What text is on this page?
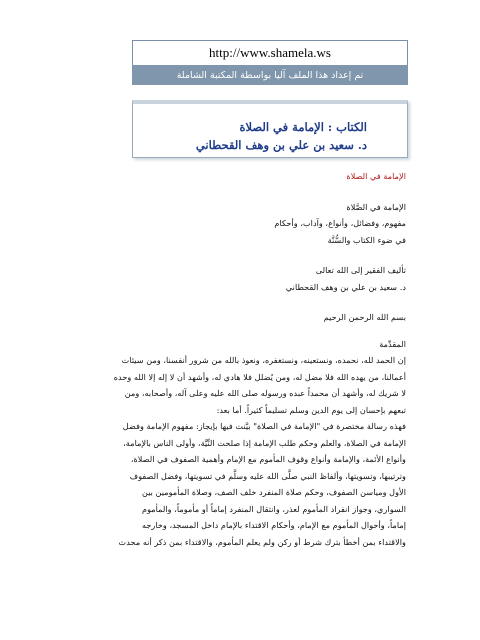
http://www.shamela.ws
تم إعداد هذا الملف آليا بواسطة المكتبة الشاملة
الكتاب : الإمامة في الصلاة
د. سعيد بن علي بن وهف القحطاني
الإمامة في الصلاة
الإمامة في الصَّلاة
مفهوم، وفضائل، وأنواع، وآداب، وأحكام
في ضوء الكتاب والسُّنَّة
تأليف الفقير إلى الله تعالى
د. سعيد بن علي بن وهف القحطاني
بسم الله الرحمن الرحيم
المقدِّمة
إن الحمد لله، نحمده، ونستعينه، ونستغفره، ونعوذ بالله من شرور أنفسنا، ومن سيئات
أعمالنا، من يهده الله فلا مضل له، ومن يُضلل فلا هادي له، وأشهد أن لا إله إلا الله وحده
لا شريك له، وأشهد أن محمداً عبده ورسوله صلى الله عليه وعلى آله، وأصحابه، ومن
تبعهم بإحسان إلى يوم الدين وسلم تسليماً كثيراً. أما بعد:
فهذه رسالة مختصرة في "الإمامة في الصلاة" بيَّنت فيها بإيجاز: مفهوم الإمامة وفضل
الإمامة في الصلاة، والعلم وحكم طلب الإمامة إذا صلحت النِّيَّة، وأولى الناس بالإمامة،
وأنواع الأئمة، والإمامة وأنواع وقوف المأموم مع الإمام وأهمية الصفوف في الصلاة،
وترتيبها، وتسويتها، وألفاظ النبي صلَّى الله عليه وسلَّم في تسويتها، وفضل الصفوف
الأول ومياسن الصفوف، وحكم صلاة المنفرد خلف الصف، وصلاة المأمومين بين
السواري، وجواز انفراد المأموم لعذر، وانتقال المنفرد إماماً أو مأموماً، والمأموم
إماماً، وأحوال المأموم مع الإمام، وأحكام الاقتداء بالإمام داخل المسجد، وخارجه
والاقتداء بمن أخطأ بترك شرط أو ركن ولم يعلم المأموم، والاقتداء بمن ذكر أنه محدث
